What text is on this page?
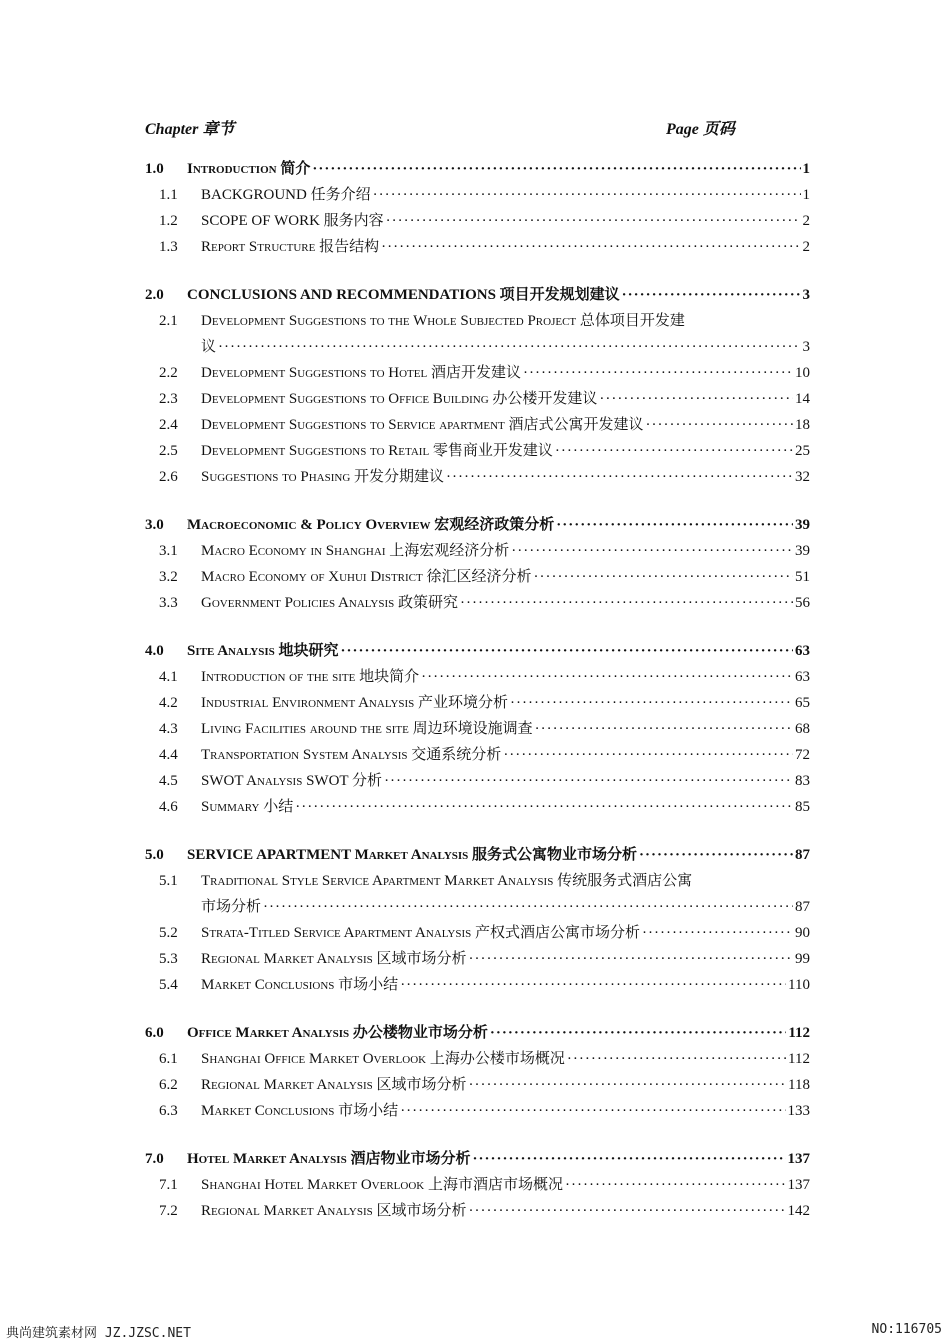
Chapter 章节	Page 页码
1.0	Introduction 简介 ·····	1
1.1	BACKGROUND 任务介绍 ·····	1
1.2	SCOPE OF WORK 服务内容 ·····	2
1.3	Report Structure 报告结构 ·····	2
2.0	CONCLUSIONS AND RECOMMENDATIONS 项目开发规划建议 ·····	3
2.1	Development Suggestions to the Whole Subjected Project 总体项目开发建
议 ·····	3
2.2	Development Suggestions to Hotel 酒店开发建议 ·····	10
2.3	Development Suggestions to Office Building 办公楼开发建议 ·····	14
2.4	Development Suggestions to Service apartment 酒店式公寓开发建议 ·····	18
2.5	Development Suggestions to Retail 零售商业开发建议 ·····	25
2.6	Suggestions to Phasing 开发分期建议 ·····	32
3.0	Macroeconomic & Policy Overview 宏观经济政策分析 ·····	39
3.1	Macro Economy in Shanghai 上海宏观经济分析 ·····	39
3.2	Macro Economy of Xuhui District 徐汇区经济分析 ·····	51
3.3	Government Policies Analysis 政策研究 ·····	56
4.0	Site Analysis 地块研究 ·····	63
4.1	Introduction of the site 地块简介 ·····	63
4.2	Industrial Environment Analysis 产业环境分析 ·····	65
4.3	Living Facilities around the site 周边环境设施调查 ·····	68
4.4	Transportation System Analysis 交通系统分析 ·····	72
4.5	SWOT Analysis SWOT 分析 ·····	83
4.6	Summary 小结 ·····	85
5.0	SERVICE APARTMENT Market Analysis 服务式公寓物业市场分析 ·····	87
5.1	Traditional Style Service Apartment Market Analysis 传统服务式酒店公寓
市场分析 ·····	87
5.2	Strata-Titled Service Apartment Analysis 产权式酒店公寓市场分析 ·····	90
5.3	Regional Market Analysis 区域市场分析 ·····	99
5.4	Market Conclusions 市场小结 ·····	110
6.0	Office Market Analysis 办公楼物业市场分析 ·····	112
6.1	Shanghai Office Market Overlook 上海办公楼市场概况 ·····	112
6.2	Regional Market Analysis 区域市场分析 ·····	118
6.3	Market Conclusions 市场小结 ·····	133
7.0	Hotel Market Analysis 酒店物业市场分析 ·····	137
7.1	Shanghai Hotel Market Overlook 上海市酒店市场概况 ·····	137
7.2	Regional Market Analysis 区域市场分析 ·····	142
典尚建筑素材网 JZ.JZSC.NET	NO:116705
